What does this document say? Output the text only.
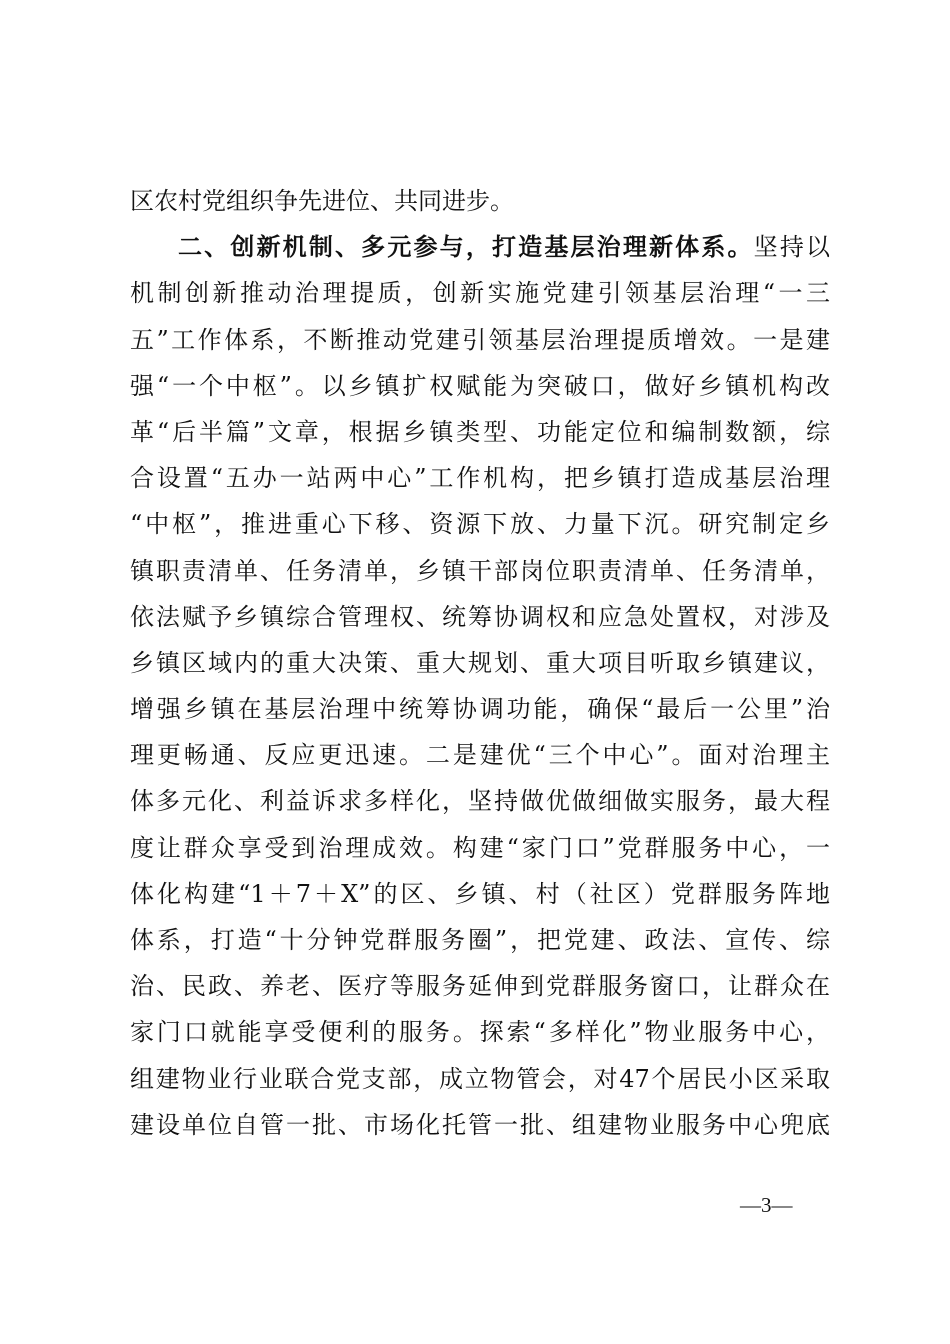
区农村党组织争先进位、共同进步。
二、创新机制、多元参与，打造基层治理新体系。坚持以
机制创新推动治理提质，创新实施党建引领基层治理“一三
五”工作体系，不断推动党建引领基层治理提质增效。一是建
强“一个中枢”。以乡镇扩权赋能为突破口，做好乡镇机构改
革“后半篇”文章，根据乡镇类型、功能定位和编制数额，综
合设置“五办一站两中心”工作机构，把乡镇打造成基层治理
“中枢”，推进重心下移、资源下放、力量下沉。研究制定乡
镇职责清单、任务清单，乡镇干部岗位职责清单、任务清单，
依法赋予乡镇综合管理权、统筹协调权和应急处置权，对涉及
乡镇区域内的重大决策、重大规划、重大项目听取乡镇建议，
增强乡镇在基层治理中统筹协调功能，确保“最后一公里”治
理更畅通、反应更迅速。二是建优“三个中心”。面对治理主
体多元化、利益诉求多样化，坚持做优做细做实服务，最大程
度让群众享受到治理成效。构建“家门口”党群服务中心，一
体化构建“1＋7＋X”的区、乡镇、村（社区）党群服务阵地
体系，打造“十分钟党群服务圈”，把党建、政法、宣传、综
治、民政、养老、医疗等服务延伸到党群服务窗口，让群众在
家门口就能享受便利的服务。探索“多样化”物业服务中心，
组建物业行业联合党支部，成立物管会，对47个居民小区采取
建设单位自管一批、市场化托管一批、组建物业服务中心兜底
—3—
